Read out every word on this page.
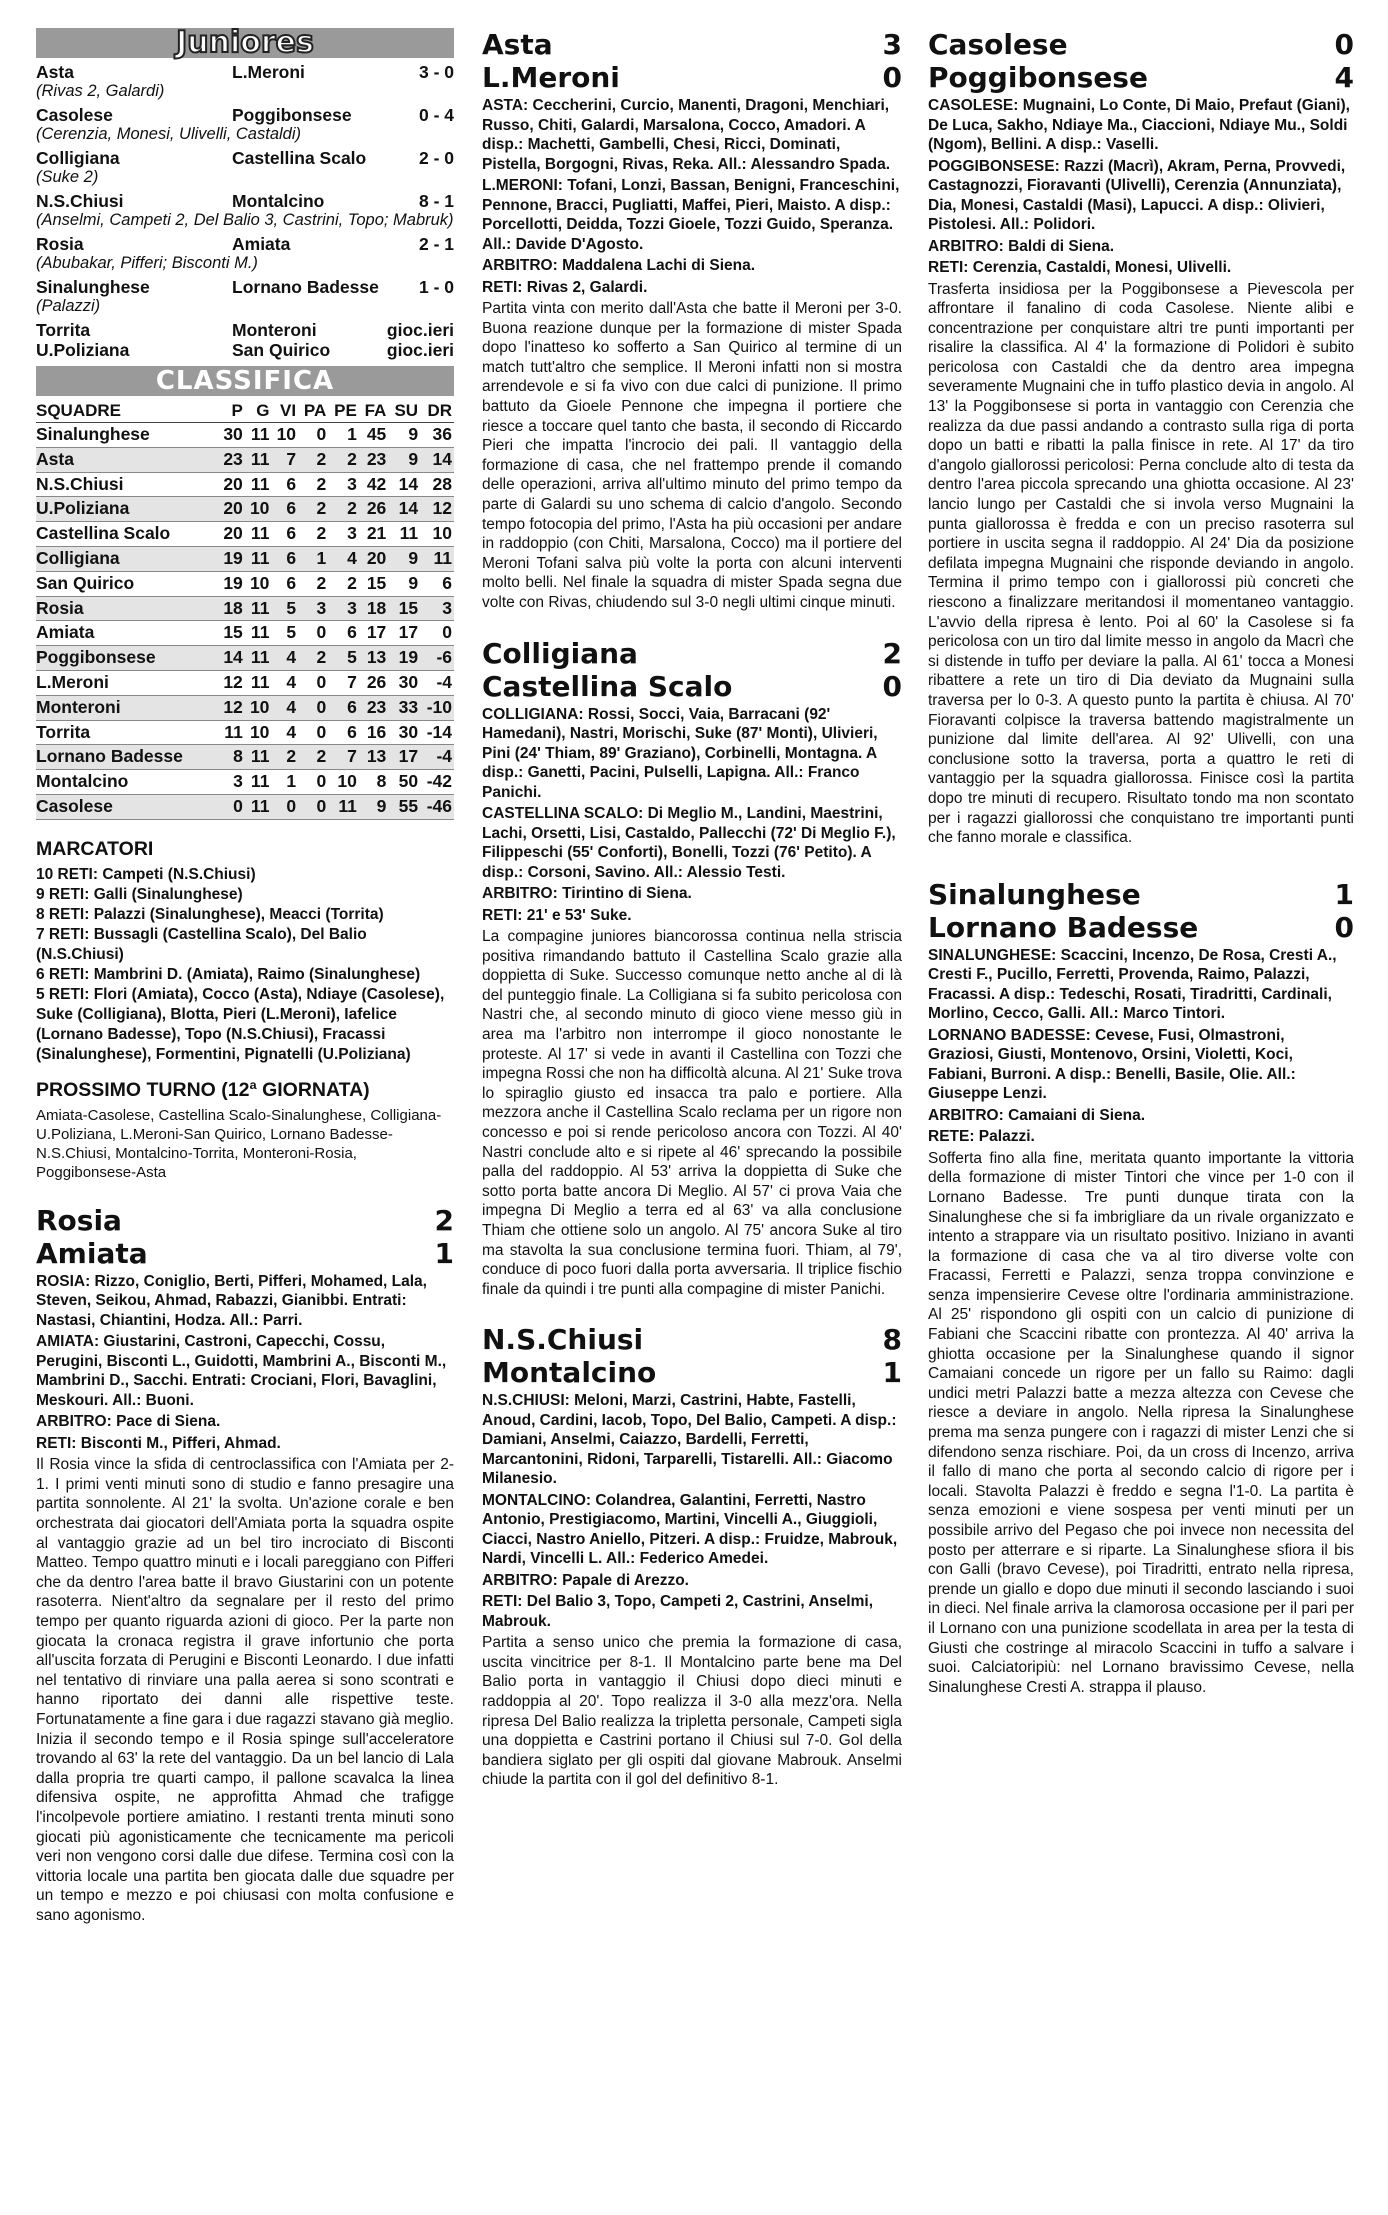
Juniores
Asta	L.Meroni	3 - 0
(Rivas 2, Galardi)
Casolese	Poggibonsese	0 - 4
(Cerenzia, Monesi, Ulivelli, Castaldi)
Colligiana	Castellina Scalo	2 - 0
(Suke 2)
N.S.Chiusi	Montalcino	8 - 1
(Anselmi, Campeti 2, Del Balio 3, Castrini, Topo; Mabruk)
Rosia	Amiata	2 - 1
(Abubakar, Pifferi; Bisconti M.)
Sinalunghese	Lornano Badesse	1 - 0
(Palazzi)
Torrita	Monteroni	gioc.ieri
U.Poliziana	San Quirico	gioc.ieri
CLASSIFICA
SQUADRE	P	G	VI	PA	PE	FA	SU	DR
Sinalunghese	30	11	10	0	1	45	9	36
Asta	23	11	7	2	2	23	9	14
N.S.Chiusi	20	11	6	2	3	42	14	28
U.Poliziana	20	10	6	2	2	26	14	12
Castellina Scalo	20	11	6	2	3	21	11	10
Colligiana	19	11	6	1	4	20	9	11
San Quirico	19	10	6	2	2	15	9	6
Rosia	18	11	5	3	3	18	15	3
Amiata	15	11	5	0	6	17	17	0
Poggibonsese	14	11	4	2	5	13	19	-6
L.Meroni	12	11	4	0	7	26	30	-4
Monteroni	12	10	4	0	6	23	33	-10
Torrita	11	10	4	0	6	16	30	-14
Lornano Badesse	8	11	2	2	7	13	17	-4
Montalcino	3	11	1	0	10	8	50	-42
Casolese	0	11	0	0	11	9	55	-46
MARCATORI
10 RETI: Campeti (N.S.Chiusi)
9 RETI: Galli (Sinalunghese)
8 RETI: Palazzi (Sinalunghese), Meacci (Torrita)
7 RETI: Bussagli (Castellina Scalo), Del Balio (N.S.Chiusi)
6 RETI: Mambrini D. (Amiata), Raimo (Sinalunghese)
5 RETI: Flori (Amiata), Cocco (Asta), Ndiaye (Casolese), Suke (Colligiana), Blotta, Pieri (L.Meroni), Iafelice (Lornano Badesse), Topo (N.S.Chiusi), Fracassi (Sinalunghese), Formentini, Pignatelli (U.Poliziana)
PROSSIMO TURNO (12ª GIORNATA)
Amiata-Casolese, Castellina Scalo-Sinalunghese, Colligiana-U.Poliziana, L.Meroni-San Quirico, Lornano Badesse-N.S.Chiusi, Montalcino-Torrita, Monteroni-Rosia, Poggibonsese-Asta
Rosia	2
Amiata	1
ROSIA: Rizzo, Coniglio, Berti, Pifferi, Mohamed, Lala, Steven, Seikou, Ahmad, Rabazzi, Gianibbi. Entrati: Nastasi, Chiantini, Hodza. All.: Parri.
AMIATA: Giustarini, Castroni, Capecchi, Cossu, Perugini, Bisconti L., Guidotti, Mambrini A., Bisconti M., Mambrini D., Sacchi. Entrati: Crociani, Flori, Bavaglini, Meskouri. All.: Buoni.
ARBITRO: Pace di Siena.
RETI: Bisconti M., Pifferi, Ahmad.
Il Rosia vince la sfida di centroclassifica con l'Amiata per 2-1. I primi venti minuti sono di studio e fanno presagire una partita sonnolente. Al 21' la svolta. Un'azione corale e ben orchestrata dai giocatori dell'Amiata porta la squadra ospite al vantaggio grazie ad un bel tiro incrociato di Bisconti Matteo. Tempo quattro minuti e i locali pareggiano con Pifferi che da dentro l'area batte il bravo Giustarini con un potente rasoterra. Nient'altro da segnalare per il resto del primo tempo per quanto riguarda azioni di gioco. Per la parte non giocata la cronaca registra il grave infortunio che porta all'uscita forzata di Perugini e Bisconti Leonardo. I due infatti nel tentativo di rinviare una palla aerea si sono scontrati e hanno riportato dei danni alle rispettive teste. Fortunatamente a fine gara i due ragazzi stavano già meglio. Inizia il secondo tempo e il Rosia spinge sull'acceleratore trovando al 63' la rete del vantaggio. Da un bel lancio di Lala dalla propria tre quarti campo, il pallone scavalca la linea difensiva ospite, ne approfitta Ahmad che trafigge l'incolpevole portiere amiatino. I restanti trenta minuti sono giocati più agonisticamente che tecnicamente ma pericoli veri non vengono corsi dalle due difese. Termina così con la vittoria locale una partita ben giocata dalle due squadre per un tempo e mezzo e poi chiusasi con molta confusione e sano agonismo.
Asta	3
L.Meroni	0
ASTA: Ceccherini, Curcio, Manenti, Dragoni, Menchiari, Russo, Chiti, Galardi, Marsalona, Cocco, Amadori. A disp.: Machetti, Gambelli, Chesi, Ricci, Dominati, Pistella, Borgogni, Rivas, Reka. All.: Alessandro Spada.
L.MERONI: Tofani, Lonzi, Bassan, Benigni, Franceschini, Pennone, Bracci, Pugliatti, Maffei, Pieri, Maisto. A disp.: Porcellotti, Deidda, Tozzi Gioele, Tozzi Guido, Speranza. All.: Davide D'Agosto.
ARBITRO: Maddalena Lachi di Siena.
RETI: Rivas 2, Galardi.
Partita vinta con merito dall'Asta che batte il Meroni per 3-0. Buona reazione dunque per la formazione di mister Spada dopo l'inatteso ko sofferto a San Quirico al termine di un match tutt'altro che semplice. Il Meroni infatti non si mostra arrendevole e si fa vivo con due calci di punizione. Il primo battuto da Gioele Pennone che impegna il portiere che riesce a toccare quel tanto che basta, il secondo di Riccardo Pieri che impatta l'incrocio dei pali. Il vantaggio della formazione di casa, che nel frattempo prende il comando delle operazioni, arriva all'ultimo minuto del primo tempo da parte di Galardi su uno schema di calcio d'angolo. Secondo tempo fotocopia del primo, l'Asta ha più occasioni per andare in raddoppio (con Chiti, Marsalona, Cocco) ma il portiere del Meroni Tofani salva più volte la porta con alcuni interventi molto belli. Nel finale la squadra di mister Spada segna due volte con Rivas, chiudendo sul 3-0 negli ultimi cinque minuti.
Colligiana	2
Castellina Scalo	0
COLLIGIANA: Rossi, Socci, Vaia, Barracani (92' Hamedani), Nastri, Morischi, Suke (87' Monti), Ulivieri, Pini (24' Thiam, 89' Graziano), Corbinelli, Montagna. A disp.: Ganetti, Pacini, Pulselli, Lapigna. All.: Franco Panichi.
CASTELLINA SCALO: Di Meglio M., Landini, Maestrini, Lachi, Orsetti, Lisi, Castaldo, Pallecchi (72' Di Meglio F.), Filippeschi (55' Conforti), Bonelli, Tozzi (76' Petito). A disp.: Corsoni, Savino. All.: Alessio Testi.
ARBITRO: Tirintino di Siena.
RETI: 21' e 53' Suke.
La compagine juniores biancorossa continua nella striscia positiva rimandando battuto il Castellina Scalo grazie alla doppietta di Suke. Successo comunque netto anche al di là del punteggio finale. La Colligiana si fa subito pericolosa con Nastri che, al secondo minuto di gioco viene messo giù in area ma l'arbitro non interrompe il gioco nonostante le proteste. Al 17' si vede in avanti il Castellina con Tozzi che impegna Rossi che non ha difficoltà alcuna. Al 21' Suke trova lo spiraglio giusto ed insacca tra palo e portiere. Alla mezzora anche il Castellina Scalo reclama per un rigore non concesso e poi si rende pericoloso ancora con Tozzi. Al 40' Nastri conclude alto e si ripete al 46' sprecando la possibile palla del raddoppio. Al 53' arriva la doppietta di Suke che sotto porta batte ancora Di Meglio. Al 57' ci prova Vaia che impegna Di Meglio a terra ed al 63' va alla conclusione Thiam che ottiene solo un angolo. Al 75' ancora Suke al tiro ma stavolta la sua conclusione termina fuori. Thiam, al 79', conduce di poco fuori dalla porta avversaria. Il triplice fischio finale da quindi i tre punti alla compagine di mister Panichi.
N.S.Chiusi	8
Montalcino	1
N.S.CHIUSI: Meloni, Marzi, Castrini, Habte, Fastelli, Anoud, Cardini, Iacob, Topo, Del Balio, Campeti. A disp.: Damiani, Anselmi, Caiazzo, Bardelli, Ferretti, Marcantonini, Ridoni, Tarparelli, Tistarelli. All.: Giacomo Milanesio.
MONTALCINO: Colandrea, Galantini, Ferretti, Nastro Antonio, Prestigiacomo, Martini, Vincelli A., Giuggioli, Ciacci, Nastro Aniello, Pitzeri. A disp.: Fruidze, Mabrouk, Nardi, Vincelli L. All.: Federico Amedei.
ARBITRO: Papale di Arezzo.
RETI: Del Balio 3, Topo, Campeti 2, Castrini, Anselmi, Mabrouk.
Partita a senso unico che premia la formazione di casa, uscita vincitrice per 8-1. Il Montalcino parte bene ma Del Balio porta in vantaggio il Chiusi dopo dieci minuti e raddoppia al 20'. Topo realizza il 3-0 alla mezz'ora. Nella ripresa Del Balio realizza la tripletta personale, Campeti sigla una doppietta e Castrini portano il Chiusi sul 7-0. Gol della bandiera siglato per gli ospiti dal giovane Mabrouk. Anselmi chiude la partita con il gol del definitivo 8-1.
Casolese	0
Poggibonsese	4
CASOLESE: Mugnaini, Lo Conte, Di Maio, Prefaut (Giani), De Luca, Sakho, Ndiaye Ma., Ciaccioni, Ndiaye Mu., Soldi (Ngom), Bellini. A disp.: Vaselli.
POGGIBONSESE: Razzi (Macrì), Akram, Perna, Provvedi, Castagnozzi, Fioravanti (Ulivelli), Cerenzia (Annunziata), Dia, Monesi, Castaldi (Masi), Lapucci. A disp.: Olivieri, Pistolesi. All.: Polidori.
ARBITRO: Baldi di Siena.
RETI: Cerenzia, Castaldi, Monesi, Ulivelli.
Trasferta insidiosa per la Poggibonsese a Pievescola per affrontare il fanalino di coda Casolese. Niente alibi e concentrazione per conquistare altri tre punti importanti per risalire la classifica. Al 4' la formazione di Polidori è subito pericolosa con Castaldi che da dentro area impegna severamente Mugnaini che in tuffo plastico devia in angolo. Al 13' la Poggibonsese si porta in vantaggio con Cerenzia che realizza da due passi andando a contrasto sulla riga di porta dopo un batti e ribatti la palla finisce in rete. Al 17' da tiro d'angolo giallorossi pericolosi: Perna conclude alto di testa da dentro l'area piccola sprecando una ghiotta occasione. Al 23' lancio lungo per Castaldi che si invola verso Mugnaini la punta giallorossa è fredda e con un preciso rasoterra sul portiere in uscita segna il raddoppio. Al 24' Dia da posizione defilata impegna Mugnaini che risponde deviando in angolo. Termina il primo tempo con i giallorossi più concreti che riescono a finalizzare meritandosi il momentaneo vantaggio. L'avvio della ripresa è lento. Poi al 60' la Casolese si fa pericolosa con un tiro dal limite messo in angolo da Macrì che si distende in tuffo per deviare la palla. Al 61' tocca a Monesi ribattere a rete un tiro di Dia deviato da Mugnaini sulla traversa per lo 0-3. A questo punto la partita è chiusa. Al 70' Fioravanti colpisce la traversa battendo magistralmente un punizione dal limite dell'area. Al 92' Ulivelli, con una conclusione sotto la traversa, porta a quattro le reti di vantaggio per la squadra giallorossa. Finisce così la partita dopo tre minuti di recupero. Risultato tondo ma non scontato per i ragazzi giallorossi che conquistano tre importanti punti che fanno morale e classifica.
Sinalunghese	1
Lornano Badesse	0
SINALUNGHESE: Scaccini, Incenzo, De Rosa, Cresti A., Cresti F., Pucillo, Ferretti, Provenda, Raimo, Palazzi, Fracassi. A disp.: Tedeschi, Rosati, Tiradritti, Cardinali, Morlino, Cecco, Galli. All.: Marco Tintori.
LORNANO BADESSE: Cevese, Fusi, Olmastroni, Graziosi, Giusti, Montenovo, Orsini, Violetti, Koci, Fabiani, Burroni. A disp.: Benelli, Basile, Olie. All.: Giuseppe Lenzi.
ARBITRO: Camaiani di Siena.
RETE: Palazzi.
Sofferta fino alla fine, meritata quanto importante la vittoria della formazione di mister Tintori che vince per 1-0 con il Lornano Badesse. Tre punti dunque tirata con la Sinalunghese che si fa imbrigliare da un rivale organizzato e intento a strappare via un risultato positivo. Iniziano in avanti la formazione di casa che va al tiro diverse volte con Fracassi, Ferretti e Palazzi, senza troppa convinzione e senza impensierire Cevese oltre l'ordinaria amministrazione. Al 25' rispondono gli ospiti con un calcio di punizione di Fabiani che Scaccini ribatte con prontezza. Al 40' arriva la ghiotta occasione per la Sinalunghese quando il signor Camaiani concede un rigore per un fallo su Raimo: dagli undici metri Palazzi batte a mezza altezza con Cevese che riesce a deviare in angolo. Nella ripresa la Sinalunghese prema ma senza pungere con i ragazzi di mister Lenzi che si difendono senza rischiare. Poi, da un cross di Incenzo, arriva il fallo di mano che porta al secondo calcio di rigore per i locali. Stavolta Palazzi è freddo e segna l'1-0. La partita è senza emozioni e viene sospesa per venti minuti per un possibile arrivo del Pegaso che poi invece non necessita del posto per atterrare e si riparte. La Sinalunghese sfiora il bis con Galli (bravo Cevese), poi Tiradritti, entrato nella ripresa, prende un giallo e dopo due minuti il secondo lasciando i suoi in dieci. Nel finale arriva la clamorosa occasione per il pari per il Lornano con una punizione scodellata in area per la testa di Giusti che costringe al miracolo Scaccini in tuffo a salvare i suoi. Calciatoripiù: nel Lornano bravissimo Cevese, nella Sinalunghese Cresti A. strappa il plauso.
